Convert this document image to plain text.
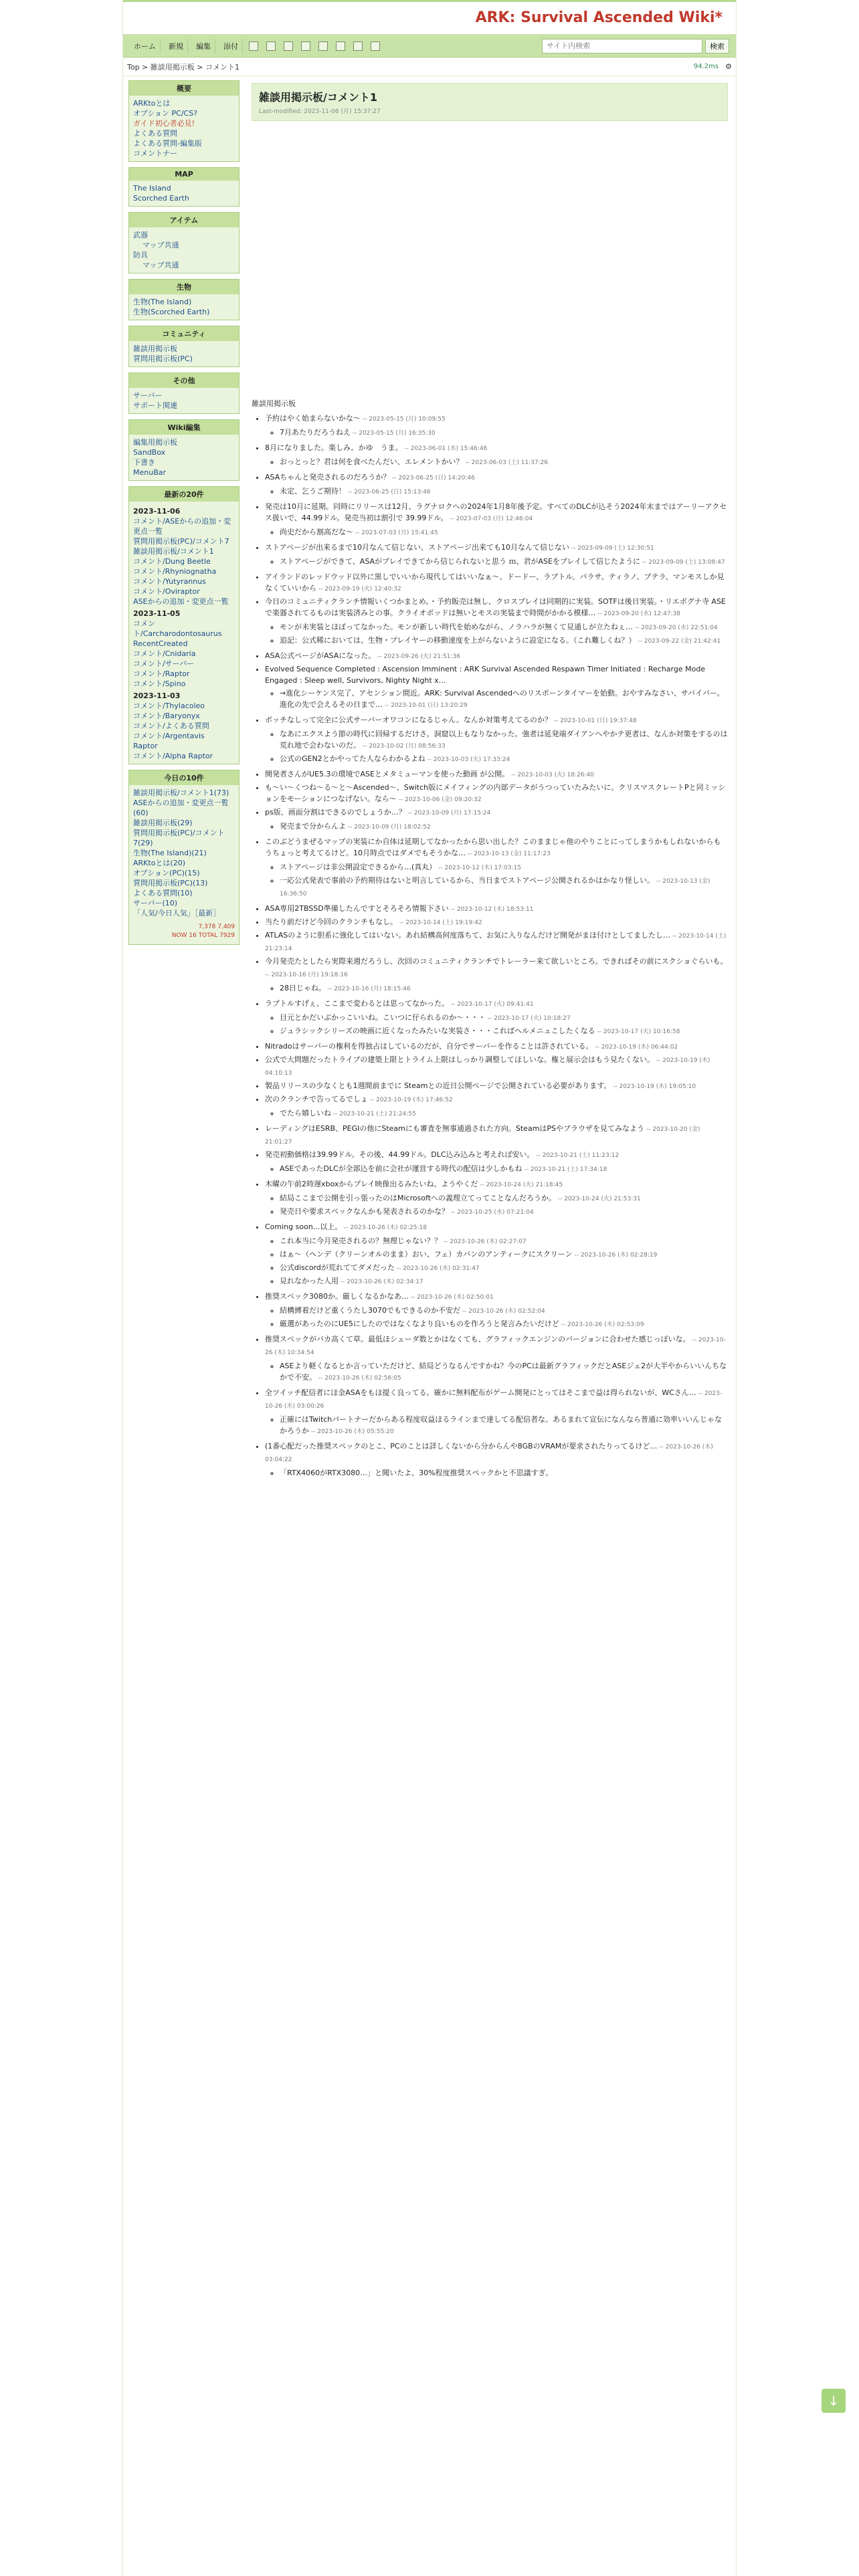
ARK: Survival Ascended Wiki*
ホーム	新規	編集	添付
サイト内検索	検索
Top > 雑談用掲示板 > コメント1	94.2ms ⚙
概要
ARKtoとは
オプション PC/CS?
ガイド初心者必見!
よくある質問
よくある質問-編集版
コメントナー
MAP
The Island
Scorched Earth
アイテム
武器
マップ共通
防具
マップ共通
生物
生物(The Island)
生物(Scorched Earth)
コミュニティ
雑談用掲示板
質問用掲示板(PC)
その他
サーバー
サポート関連
Wiki編集
編集用掲示板
SandBox
下書き
MenuBar
最新の20件
2023-11-06
コメント/ASEからの追加・変更点一覧
質問用掲示板(PC)/コメント7
雑談用掲示板/コメント1
コメント/Dung Beetle
コメント/Rhyniognatha
コメント/Yutyrannus
コメント/Oviraptor
ASEからの追加・変更点一覧
2023-11-05
コメント/Carcharodontosaurus
RecentCreated
コメント/Cnidaria
コメント/サーバー
コメント/Raptor
コメント/Spino
2023-11-03
コメント/Thylacoleo
コメント/Baryonyx
コメント/よくある質問
コメント/Argentavis
Raptor
コメント/Alpha Raptor
今日の10件
雑談用掲示板/コメント1(73)
ASEからの追加・変更点一覧(60)
雑談用掲示板(29)
質問用掲示板(PC)/コメント7(29)
生物(The Island)(21)
ARKtoとは(20)
オプション(PC)(15)
質問用掲示板(PC)(13)
よくある質問(10)
サーバー(10)
「人気/今日人気」［最新］
7,378 7,409
NOW 16 TOTAL 7929
雑談用掲示板/コメント1
Last-modified: 2023-11-06 (月) 15:37:27
雑談用掲示板
• 予約はやく始まらないかな～ -- 2023-05-15 (月) 10:09:55
◦ 7月あたりだろうねえ -- 2023-05-15 (月) 16:35:30
• 8月になりました。楽しみ。かゆ　うま。 -- 2023-06-01 (木) 15:46:46
◦ おっとっと？君は何を食べたんだい、エレメントかい？ -- 2023-06-03 (土) 11:37:26
• ASAちゃんと発売されるのだろうか？ -- 2023-06-25 (日) 14:20:46
◦ 未定、乞うご期待！ -- 2023-06-25 (日) 15:13:46
• 発売は10月に延期。同時にリリースは12月、ラグナロクへの2024年1月8年後予定。すべてのDLCが込そう2024年末まではアーリーアクセス扱いで、44.99ドル。発売当初は割引で 39.99ドル。 -- 2023-07-03 (月) 12:46:04
◦ 尚史だから割高だな～ -- 2023-07-03 (月) 15:41:45
• ストアページが出来るまで10月なんて信じない、ストアページ出来ても10月なんて信じない -- 2023-09-09 (土) 12:30:51
◦ ストアページができて、ASAがプレイできてから信じられないと思う ｍ、君がASEをプレイして信じたように -- 2023-09-09 (土) 13:08:47
• アイランドのレッドウッド以外に黒しでいいから現代してはいいなぁ～、ドードー、ラプトル、パラサ、ティラノ、プテラ、マンモスしか見なくていいから -- 2023-09-19 (火) 12:40:32
• 今日のコミュニティクランチ情報いくつかまとめ。・予約販売は無し、クロスプレイは同期的に実装。SOTFは後日実装。・リエボグナ寺 ASEで楽器されてるものは実装済みとの事。クライオポッドは無いとモスの実装まで時間がかかる模様… -- 2023-09-20 (水) 12:47:38
◦ モンが未実装とほぼってなかった。モンが新しい時代を始めながら、ノラハラが無くて見通しが立たねぇ… -- 2023-09-20 (水) 22:51:04
◦ 追記：公式稀においては、生物・プレイヤーの移動速度を上がらないように設定になる。（これ難しくね？） -- 2023-09-22 (金) 21:42:41
• ASA公式ページがASAになった。 -- 2023-09-26 (火) 21:51:36
• Evolved Sequence Completed : Ascension Imminent : ARK Survival Ascended Respawn Timer Initiated : Recharge Mode Engaged : Sleep well, Survivors, Nighty Night x…
◦ →進化シーケンス完了、アセンション間近。ARK: Survival Ascendedへのリスポーンタイマーを始動。おやすみなさい、サバイバー。進化の先で会えるその日まで… -- 2023-10-01 (日) 13:20:29
• ボッチなしって完全に公式サーバーオワコンになるじゃん。なんか対策考えてるのか？ -- 2023-10-01 (日) 19:37:48
◦ なあにエクスよう節の時代に回帰するだけさ。洞窟以上もなりなかった。強者は延発端ダイアンへやかテ更者は、なんか対策をするのは荒れ地で会わないのだ。 -- 2023-10-02 (月) 08:56:33
◦ 公式のGEN2とかやってた人ならわかるよね -- 2023-10-03 (火) 17:33:24
• 開発者さんがUE5.3の環境でASEとメタミューマンを使った動画 が公開。 -- 2023-10-03 (火) 18:26:40
• も～い～くつね～る～と～Ascended～、Switch版にメイフィングの内部データがうつっていたみたいに。クリスマスクレートPと同ミッションをモーションにつなげない。なら～ -- 2023-10-06 (金) 09:20:32
• ps版、画面分割はできるのでしょうか…？ -- 2023-10-09 (月) 17:15:24
◦ 発売まで分からんよ -- 2023-10-09 (月) 18:02:52
• このぶどうまぜるマップの実装にか自体は延期してなかったから思い出した？このままじゃ他のやりことにってしまうかもしれないからもうちょっと考えてるけど。10月時点ではダメでもそうかな… -- 2023-10-13 (金) 11:17:23
◦ ストアページは非公開設定できるから…(真丸） -- 2023-10-12 (木) 17:03:15
◦ 一応公式発表で事前の予約期待はないと明言しているから、当日までストアページ公開されるかはかなり怪しい。 -- 2023-10-13 (金) 16:36:50
• ASA専用2TBSSD準備したんですとそろそろ情報下さい -- 2023-10-12 (木) 18:53:11
• 当たり前だけど今回のクランチもなし。 -- 2023-10-14 (土) 19:19:42
• ATLASのように胆系に強化してはいない。あれ結構高何度落ちて、お気に入りなんだけど開発がまほ付けとしてましたし… -- 2023-10-14 (土) 21:23:14
• 今月発売たとしたら実際来週だろうし、次回のコミュニティクランチでトレーラー来て欲しいところ。できればその前にスクショぐらいも。 -- 2023-10-16 (月) 19:18:16
◦ 28日じゃね。 -- 2023-10-16 (月) 18:15:46
• ラプトルすげぇ。ここまで変わるとは思ってなかった。 -- 2023-10-17 (火) 09:41:41
◦ 目元とかだいぶかっこいいね。こいつに仔られるのか～・・・ -- 2023-10-17 (火) 10:18:27
◦ ジュラシックシリーズの映画に近くなったみたいな実装さ・・・こればヘルメニュこしたくなる -- 2023-10-17 (火) 10:16:58
• Nitradoはサーバーの権利を得独占はしているのだが、自分でサーバーを作ることは許されている。 -- 2023-10-19 (木) 06:44:02
• 公式で大問題だったトライブの建築上限とトライム上限はしっかり調整してほしいな。権と展示会はもう見たくない。 -- 2023-10-19 (木) 04:10:13
• 製品リリースの少なくとも1週間前までに Steamとの近日公開ページで公開されている必要があります。 -- 2023-10-19 (木) 19:05:10
• 次のクランチで告ってるでしょ -- 2023-10-19 (木) 17:46:52
◦ でたら嬉しいね -- 2023-10-21 (土) 21:24:55
• レーディングはESRB、PEGIの他にSteamにも審査を無事通過された方向。SteamはPSやブラウザを見てみなよう -- 2023-10-20 (金) 21:01:27
• 発売初動価格は39.99ドル。その後、44.99ドル。DLC込み込みと考えれば安い。 -- 2023-10-21 (土) 11:23:12
◦ ASEであったDLCが全部込を前に会社が運営する時代の配信は少しかもね -- 2023-10-21 (土) 17:34:18
• 木曜の午前2時遅xboxからプレイ映像出るみたいね、ようやくだ -- 2023-10-24 (火) 21:18:45
◦ 結局ここまで公開を引っ張ったのはMicrosoftへの義理立てってことなんだろうか。 -- 2023-10-24 (火) 21:53:31
◦ 発売日や要求スペックなんかも発表されるのかな？ -- 2023-10-25 (水) 07:21:04
• Coming soon...以上。 -- 2023-10-26 (木) 02:25:18
◦ これ本当に今月発売されるの？無理じゃない？？ -- 2023-10-26 (木) 02:27:07
◦ はぁ～（ヘンデ（クリーンオルのまま）おい、フェ）カバンのアンティークにスクリーン -- 2023-10-26 (木) 02:28:19
◦ 公式discordが荒れててダメだった -- 2023-10-26 (木) 02:31:47
◦ 見れなかった人用 -- 2023-10-26 (木) 02:34:17
• 推奨スペック3080か。厳しくなるかなあ… -- 2023-10-26 (木) 02:50:01
◦ 結構縛着だけど重くうたし3070でもできるのか不安だ -- 2023-10-26 (木) 02:52:04
◦ 厳選があったのにUE5にしたのではなくなより良いものを作ろうと発言みたいだけど -- 2023-10-26 (木) 02:53:09
• 推奨スペックがバカ高くて草。最低ほシェーダ数とかはなくても、グラフィックエンジンのバージョンに合わせた感じっぽいな。 -- 2023-10-26 (木) 10:34:54
◦ ASEより軽くなるとか言っていただけど、結局どうなるんですかね？今のPCは最新グラフィックだとASEジェ2が大半やからいいんちなかで不安。 -- 2023-10-26 (木) 02:56:05
• 全ツイッチ配信者にほ金ASAをもほ提く良ってる。確かに無料配布がゲーム開発にとってはそこまで益は得られないが、WCさん… -- 2023-10-26 (木) 03:00:26
◦ 正確にはTwitchパートナーだからある程度収益ほるラインまで達してる配信者な。あるまれて宣伝になんなら普通に効率いいんじゃなかろうか -- 2023-10-26 (木) 05:55:20
• (1番心配だった推奨スペックのとこ、PCのことは詳しくないから分からんや8GBのVRAMが要求されたりってるけど… -- 2023-10-26 (木) 03:04:22
◦ 「RTX4060がRTX3080…」と聞いたよ、30%程度推奨スペックかと不思議すぎ。
↓
